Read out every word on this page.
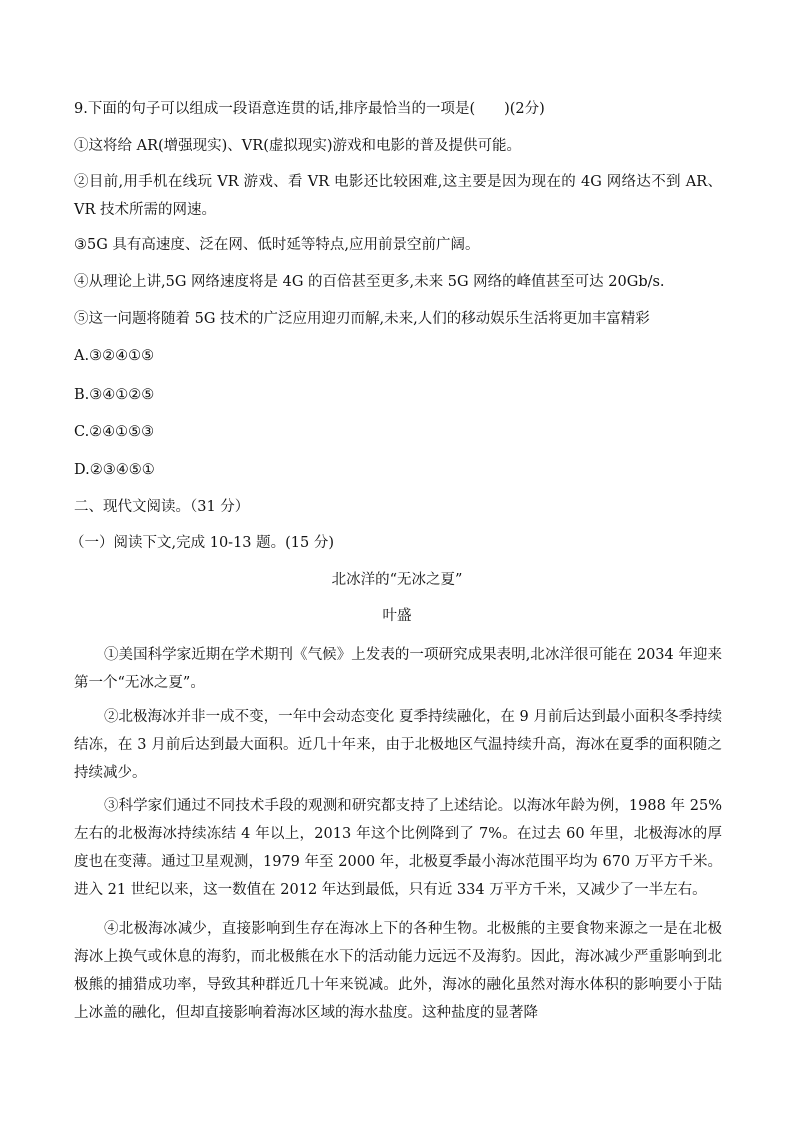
9.下面的句子可以组成一段语意连贯的话,排序最恰当的一项是(　　)(2分)
①这将给 AR(增强现实)、VR(虚拟现实)游戏和电影的普及提供可能。
②目前,用手机在线玩 VR 游戏、看 VR 电影还比较困难,这主要是因为现在的 4G 网络达不到 AR、VR 技术所需的网速。
③5G 具有高速度、泛在网、低时延等特点,应用前景空前广阔。
④从理论上讲,5G 网络速度将是 4G 的百倍甚至更多,未来 5G 网络的峰值甚至可达 20Gb/s.
⑤这一问题将随着 5G 技术的广泛应用迎刃而解,未来,人们的移动娱乐生活将更加丰富精彩
A.③②④①⑤
B.③④①②⑤
C.②④①⑤③
D.②③④⑤①
二、现代文阅读。（31 分）
（一）阅读下文,完成 10-13 题。(15 分)
北冰洋的“无冰之夏”
叶盛
①美国科学家近期在学术期刊《气候》上发表的一项研究成果表明,北冰洋很可能在 2034 年迎来第一个“无冰之夏”。
②北极海冰并非一成不变，一年中会动态变化 夏季持续融化，在 9 月前后达到最小面积冬季持续结冻，在 3 月前后达到最大面积。近几十年来，由于北极地区气温持续升高，海冰在夏季的面积随之持续减少。
③科学家们通过不同技术手段的观测和研究都支持了上述结论。以海冰年龄为例，1988 年 25%左右的北极海冰持续冻结 4 年以上，2013 年这个比例降到了 7%。在过去 60 年里，北极海冰的厚度也在变薄。通过卫星观测，1979 年至 2000 年，北极夏季最小海冰范围平均为 670 万平方千米。进入 21 世纪以来，这一数值在 2012 年达到最低，只有近 334 万平方千米，又减少了一半左右。
④北极海冰减少，直接影响到生存在海冰上下的各种生物。北极熊的主要食物来源之一是在北极海冰上换气或休息的海豹，而北极熊在水下的活动能力远远不及海豹。因此，海冰减少严重影响到北极熊的捕猎成功率，导致其种群近几十年来锐减。此外，海冰的融化虽然对海水体积的影响要小于陆上冰盖的融化，但却直接影响着海冰区域的海水盐度。这种盐度的显著降
